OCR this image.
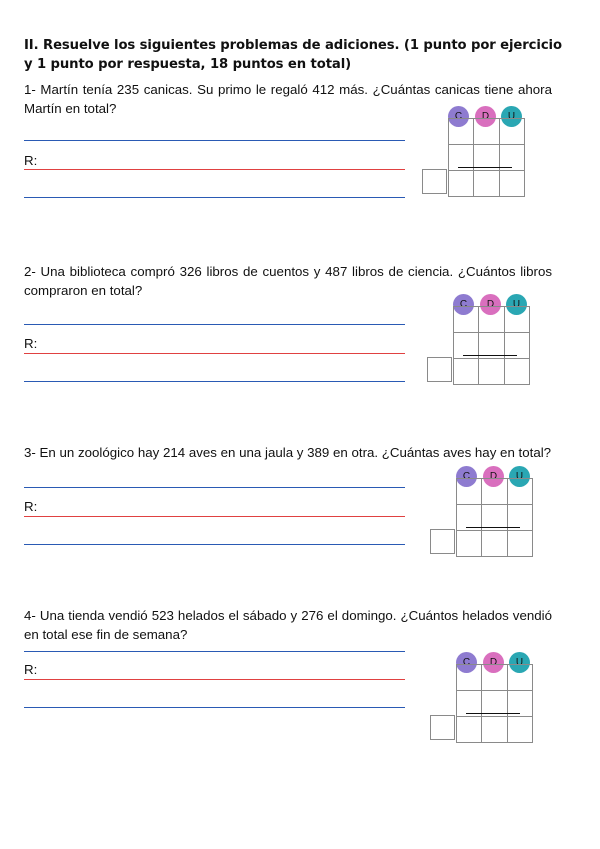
II. Resuelve los siguientes problemas de adiciones. (1 punto por ejercicio y 1 punto por respuesta, 18 puntos en total)
1- Martín tenía 235 canicas. Su primo le regaló 412 más. ¿Cuántas canicas tiene ahora Martín en total?
R:
C	D	U

2- Una biblioteca compró 326 libros de cuentos y 487 libros de ciencia. ¿Cuántos libros compraron en total?
R:
C	D	U

3- En un zoológico hay 214 aves en una jaula y 389 en otra. ¿Cuántas aves hay en total?
R:
C	D	U

4- Una tienda vendió 523 helados el sábado y 276 el domingo. ¿Cuántos helados vendió en total ese fin de semana?
R:	C	D	U
